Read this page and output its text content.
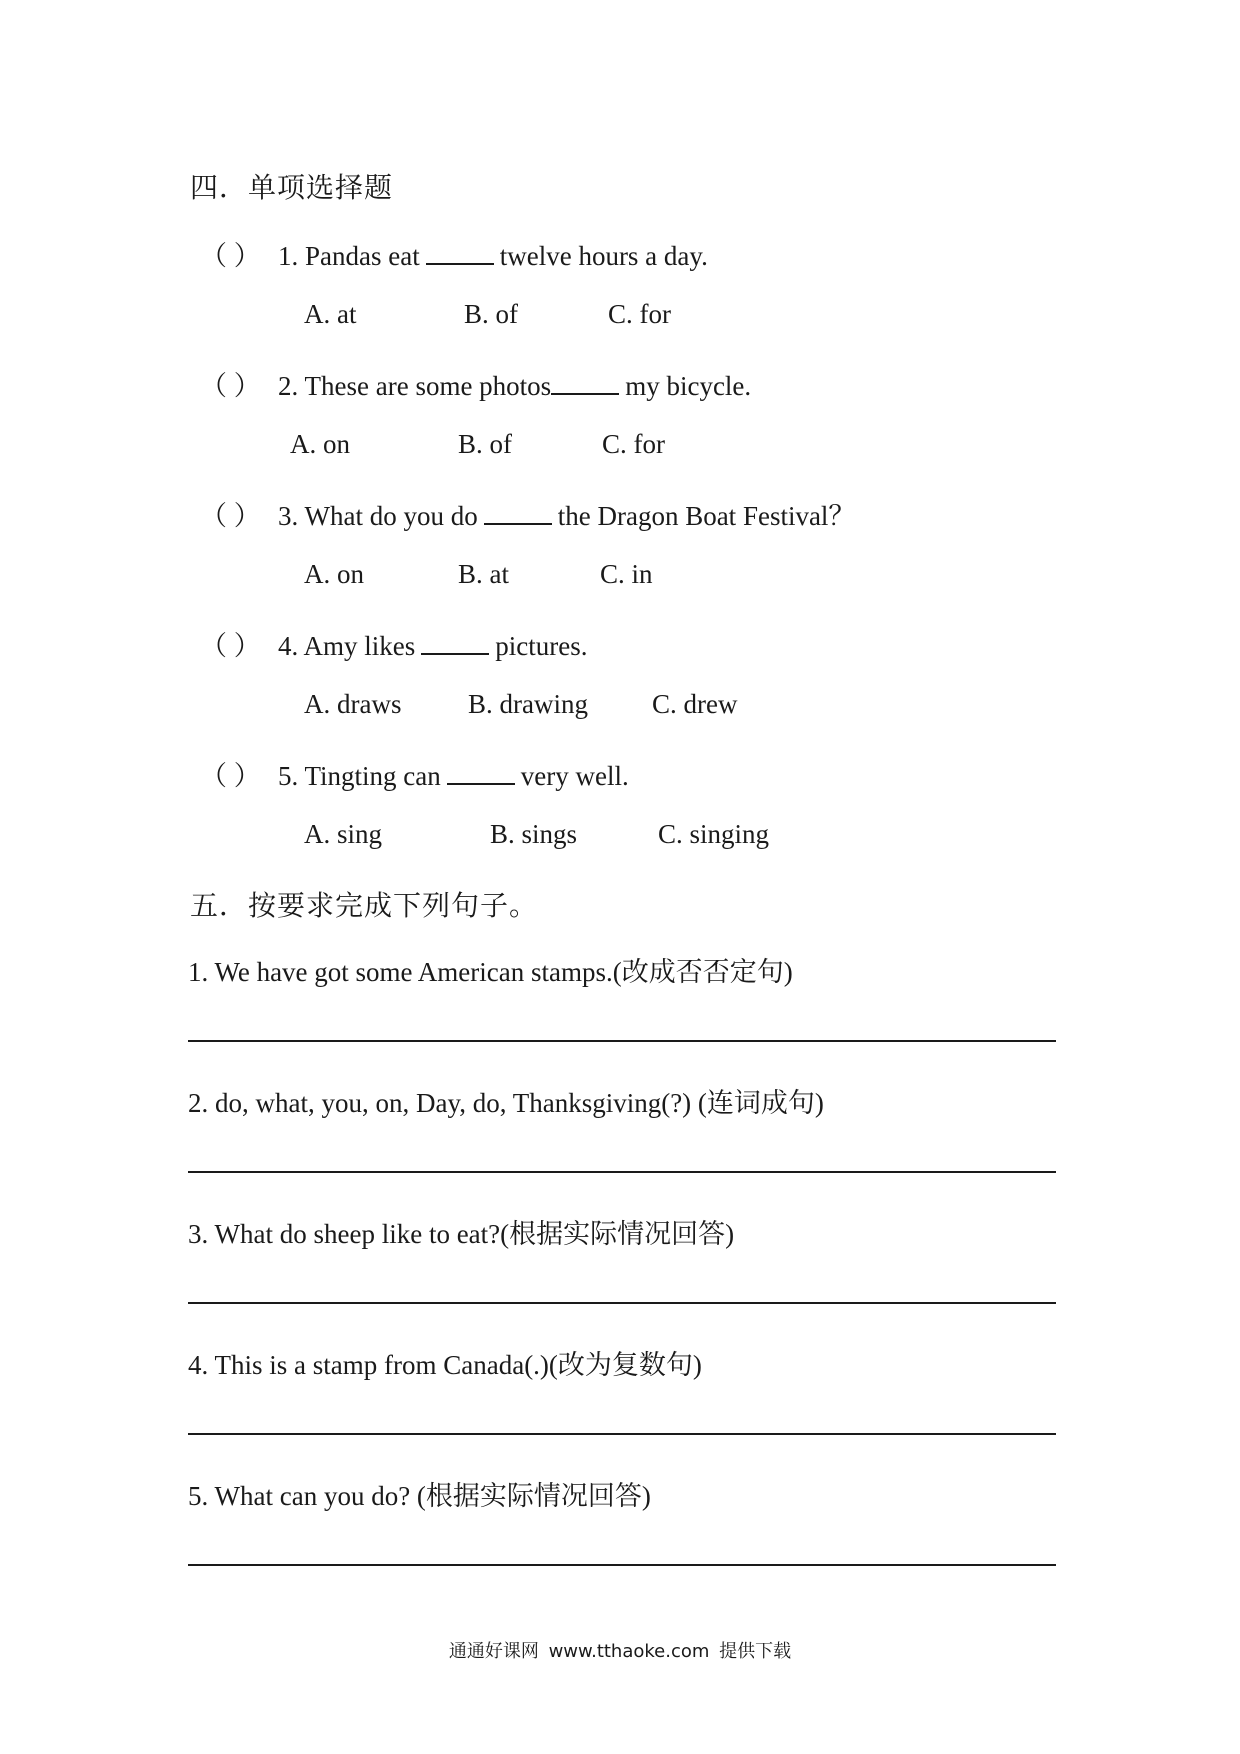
四．单项选择题
（ ） 1. Pandas eat	twelve hours a day.
A. at	B. of	C. for
（ ） 2. These are some photos	my bicycle.
A. on	B. of	C. for
（ ） 3. What do you do	the Dragon Boat Festival？
A. on	B. at	C. in
（ ） 4. Amy likes	pictures.
A. draws B. drawing C. drew
（ ） 5. Tingting can	very well.
A. sing	B. sings	C. singing
五．按要求完成下列句子。
1. We have got some American stamps.(改成否否定句)
2. do, what, you, on, Day, do, Thanksgiving(?) (连词成句)
3. What do sheep like to eat?(根据实际情况回答)
4. This is a stamp from Canada(.)(改为复数句)
5. What can you do? (根据实际情况回答)
通通好课网 www.tthaoke.com 提供下载
